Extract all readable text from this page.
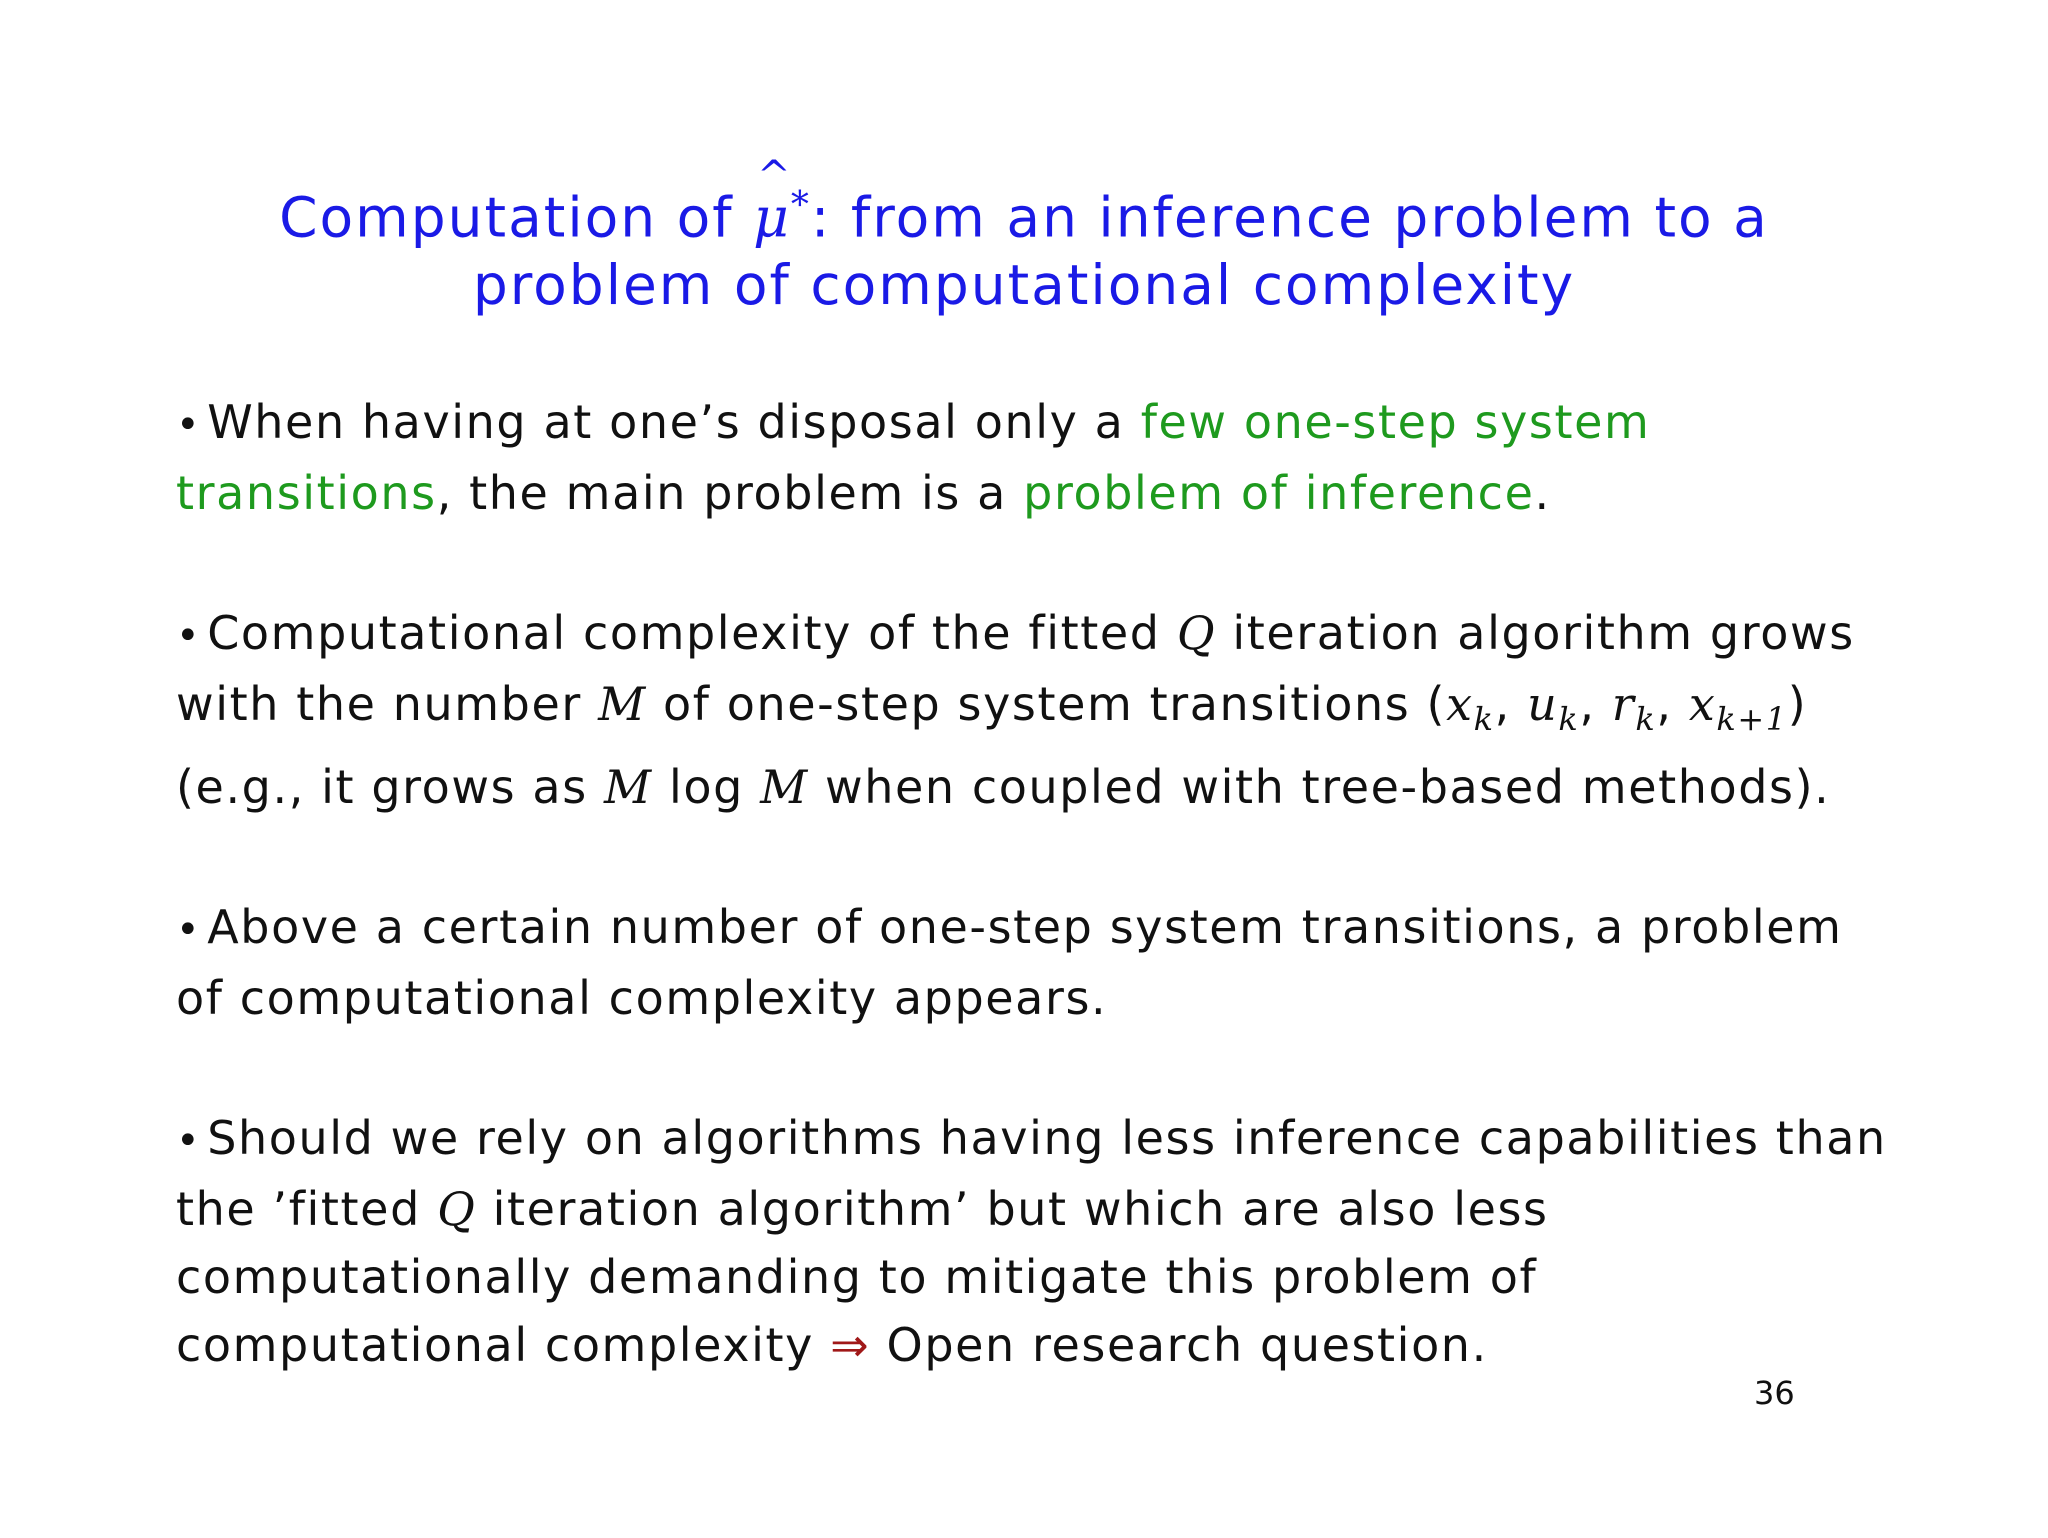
Computation of μ
^
*: from an inference problem to a
problem of computational complexity
• When having at one’s disposal only a few one-step system
transitions, the main problem is a problem of inference.
• Computational complexity of the fitted Q iteration algorithm grows
with the number M of one-step system transitions ($x_k$, $u_k$, $r_k$, $x_{k+1}$)
(e.g., it grows as M log M when coupled with tree-based methods).
• Above a certain number of one-step system transitions, a problem
of computational complexity appears.
• Should we rely on algorithms having less inference capabilities than
the ’fitted Q iteration algorithm’ but which are also less
computationally demanding to mitigate this problem of
computational complexity ⇒ Open research question.
36
